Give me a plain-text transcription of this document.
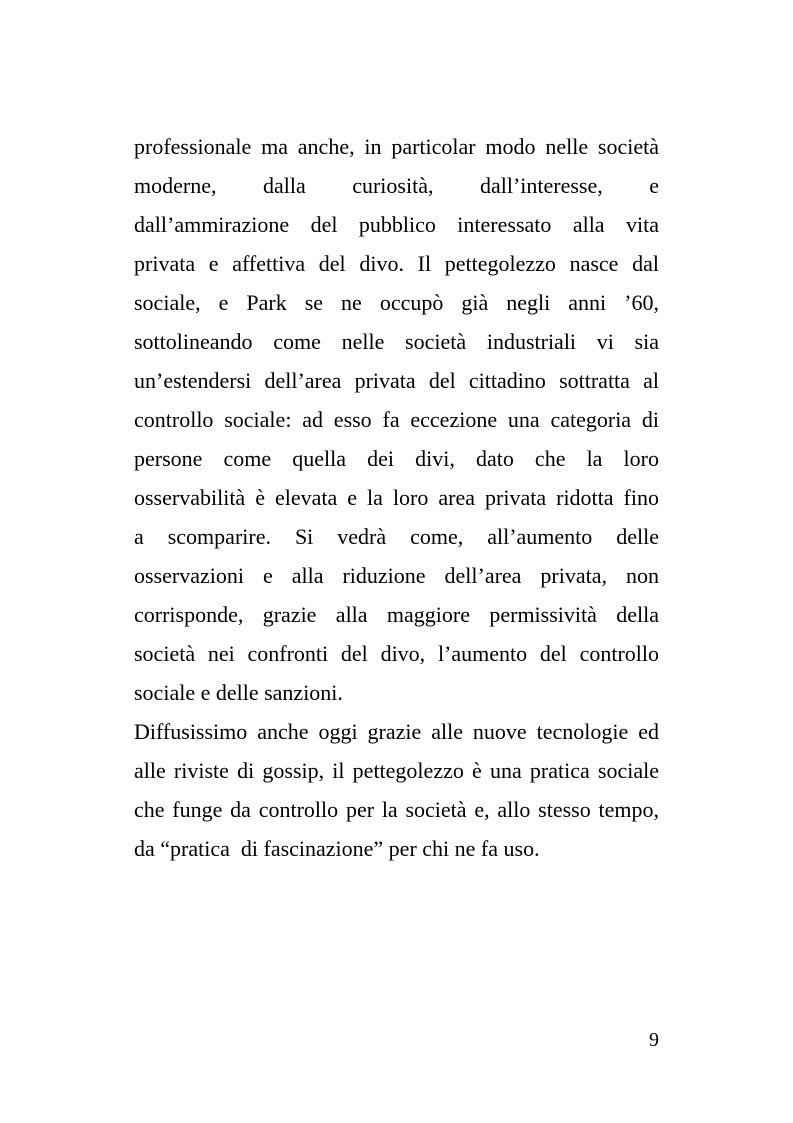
professionale ma anche, in particolar modo nelle società
moderne, dalla curiosità, dall’interesse, e
dall’ammirazione del pubblico interessato alla vita
privata e affettiva del divo. Il pettegolezzo nasce dal
sociale, e Park se ne occupò già negli anni ’60,
sottolineando come nelle società industriali vi sia
un’estendersi dell’area privata del cittadino sottratta al
controllo sociale: ad esso fa eccezione una categoria di
persone come quella dei divi, dato che la loro
osservabilità è elevata e la loro area privata ridotta fino
a scomparire. Si vedrà come, all’aumento delle
osservazioni e alla riduzione dell’area privata, non
corrisponde, grazie alla maggiore permissività della
società nei confronti del divo, l’aumento del controllo
sociale e delle sanzioni.
Diffusissimo anche oggi grazie alle nuove tecnologie ed
alle riviste di gossip, il pettegolezzo è una pratica sociale
che funge da controllo per la società e, allo stesso tempo,
da “pratica  di fascinazione” per chi ne fa uso.
9
